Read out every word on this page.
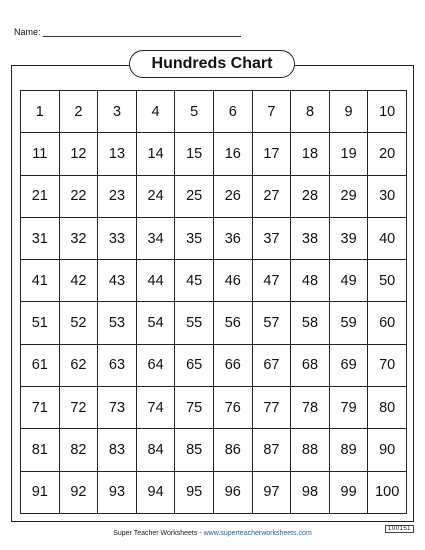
Name:
Hundreds Chart
1	2	3	4	5	6	7	8	9	10
11	12	13	14	15	16	17	18	19	20
21	22	23	24	25	26	27	28	29	30
31	32	33	34	35	36	37	38	39	40
41	42	43	44	45	46	47	48	49	50
51	52	53	54	55	56	57	58	59	60
61	62	63	64	65	66	67	68	69	70
71	72	73	74	75	76	77	78	79	80
81	82	83	84	85	86	87	88	89	90
91	92	93	94	95	96	97	98	99	100
Super Teacher Worksheets - www.superteacherworksheets.com
100151
